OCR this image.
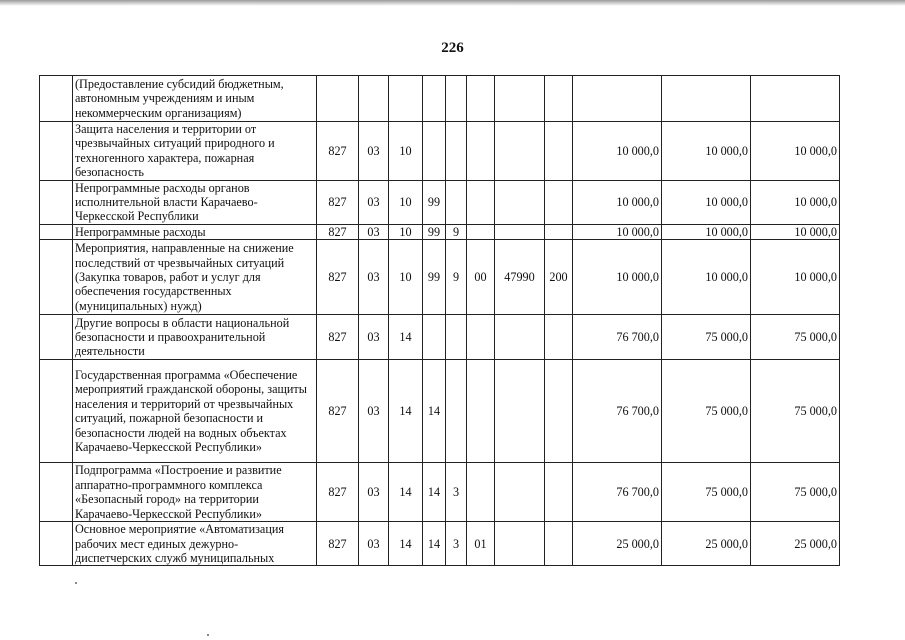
226
	(Предоставление субсидий бюджетным, автономным учреждениям и иным некоммерческим организациям)											
	Защита населения и территории от чрезвычайных ситуаций природного и техногенного характера, пожарная безопасность	827	03	10						10 000,0	10 000,0	10 000,0
	Непрограммные расходы органов исполнительной власти Карачаево-Черкесской Республики	827	03	10	99					10 000,0	10 000,0	10 000,0
	Непрограммные расходы	827	03	10	99	9				10 000,0	10 000,0	10 000,0
	Мероприятия, направленные на снижение последствий от чрезвычайных ситуаций (Закупка товаров, работ и услуг для обеспечения государственных (муниципальных) нужд)	827	03	10	99	9	00	47990	200	10 000,0	10 000,0	10 000,0
	Другие вопросы в области национальной безопасности и правоохранительной деятельности	827	03	14						76 700,0	75 000,0	75 000,0
	Государственная программа «Обеспечение мероприятий гражданской обороны, защиты населения и территорий от чрезвычайных ситуаций, пожарной безопасности и безопасности людей на водных объектах Карачаево-Черкесской Республики»	827	03	14	14					76 700,0	75 000,0	75 000,0
	Подпрограмма «Построение и развитие аппаратно-программного комплекса «Безопасный город» на территории Карачаево-Черкесской Республики»	827	03	14	14	3				76 700,0	75 000,0	75 000,0
	Основное мероприятие «Автоматизация рабочих мест единых дежурно-диспетчерских служб муниципальных	827	03	14	14	3	01			25 000,0	25 000,0	25 000,0
